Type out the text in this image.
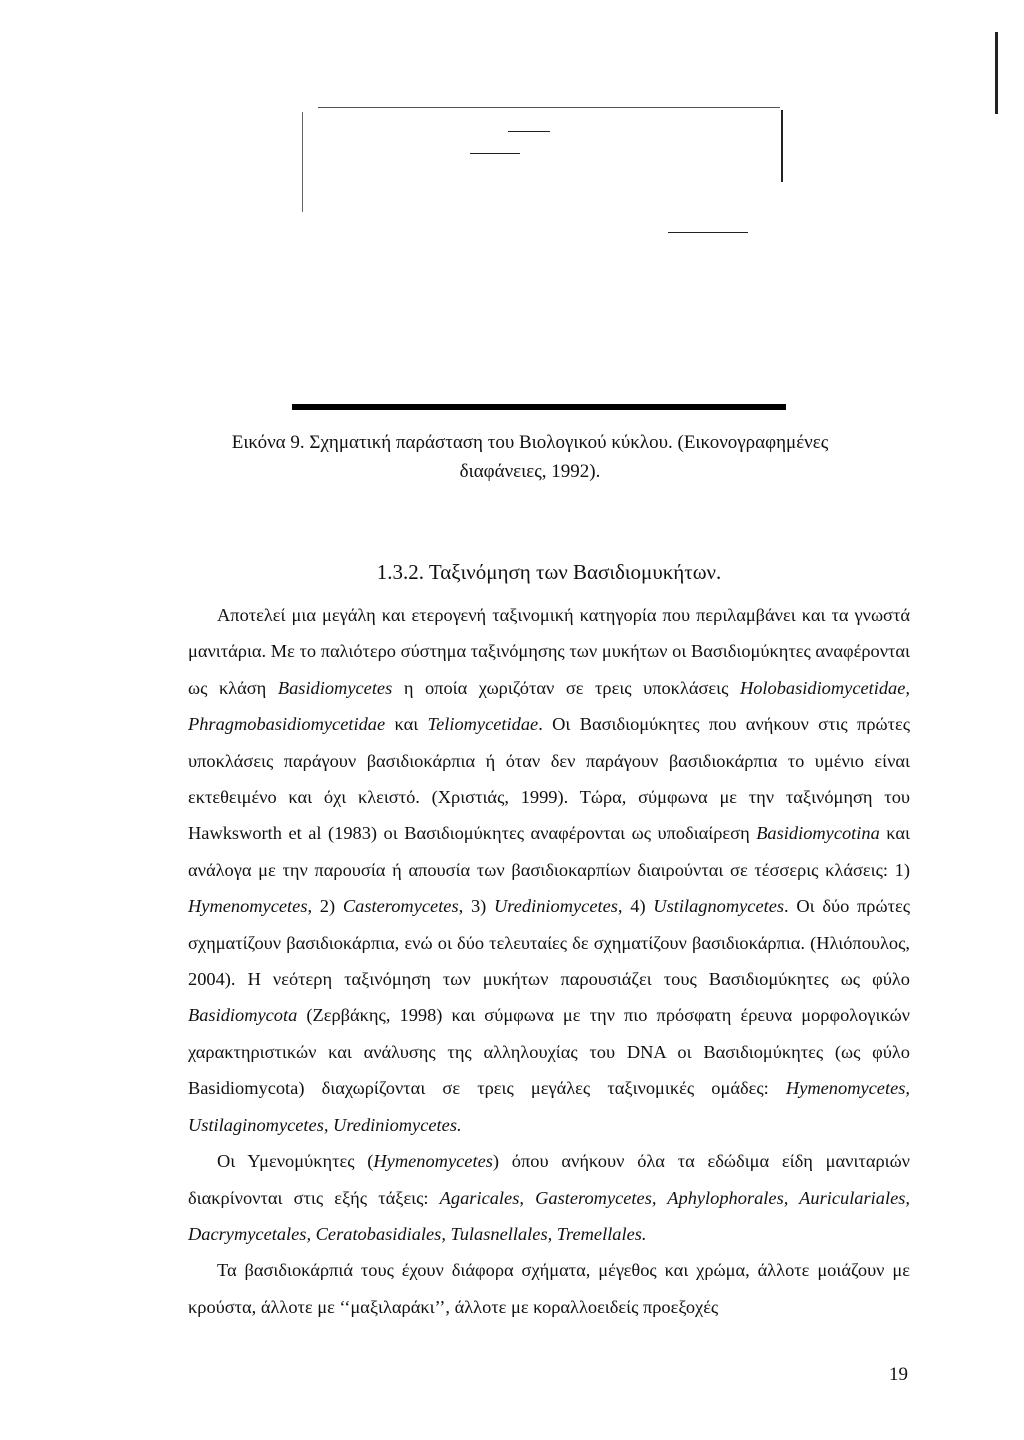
Εικόνα 9. Σχηματική παράσταση του Βιολογικού κύκλου. (Εικονογραφημένες
διαφάνειες, 1992).
1.3.2. Ταξινόμηση των Βασιδιομυκήτων.

Αποτελεί μια μεγάλη και ετερογενή ταξινομική κατηγορία που περιλαμβάνει και τα γνωστά μανιτάρια. Με το παλιότερο σύστημα ταξινόμησης των μυκήτων οι Βασιδιομύκητες αναφέρονται ως κλάση Basidiomycetes η οποία χωριζόταν σε τρεις υποκλάσεις Holobasidiomycetidae, Phragmobasidiomycetidae και Teliomycetidae. Οι Βασιδιομύκητες που ανήκουν στις πρώτες υποκλάσεις παράγουν βασιδιοκάρπια ή όταν δεν παράγουν βασιδιοκάρπια το υμένιο είναι εκτεθειμένο και όχι κλειστό. (Χριστιάς, 1999). Τώρα, σύμφωνα με την ταξινόμηση του Hawksworth et al (1983) οι Βασιδιομύκητες αναφέρονται ως υποδιαίρεση Basidiomycotina και ανάλογα με την παρουσία ή απουσία των βασιδιοκαρπίων διαιρούνται σε τέσσερις κλάσεις: 1) Hymenomycetes, 2) Casteromycetes, 3) Urediniomycetes, 4) Ustilagnomycetes. Οι δύο πρώτες σχηματίζουν βασιδιοκάρπια, ενώ οι δύο τελευταίες δε σχηματίζουν βασιδιοκάρπια. (Ηλιόπουλος, 2004). Η νεότερη ταξινόμηση των μυκήτων παρουσιάζει τους Βασιδιομύκητες ως φύλο Basidiomycota (Ζερβάκης, 1998) και σύμφωνα με την πιο πρόσφατη έρευνα μορφολογικών χαρακτηριστικών και ανάλυσης της αλληλουχίας του DNA οι Βασιδιομύκητες (ως φύλο Basidiomycota) διαχωρίζονται σε τρεις μεγάλες ταξινομικές ομάδες: Hymenomycetes, Ustilaginomycetes, Urediniomycetes.

Οι Υμενομύκητες (Hymenomycetes) όπου ανήκουν όλα τα εδώδιμα είδη μανιταριών διακρίνονται στις εξής τάξεις: Agaricales, Gasteromycetes, Aphylophorales, Auriculariales, Dacrymycetales, Ceratobasidiales, Tulasnellales, Tremellales.

Τα βασιδιοκάρπιά τους έχουν διάφορα σχήματα, μέγεθος και χρώμα, άλλοτε μοιάζουν με κρούστα, άλλοτε με ‘‘μαξιλαράκι’’, άλλοτε με κοραλλοειδείς προεξοχές

19
